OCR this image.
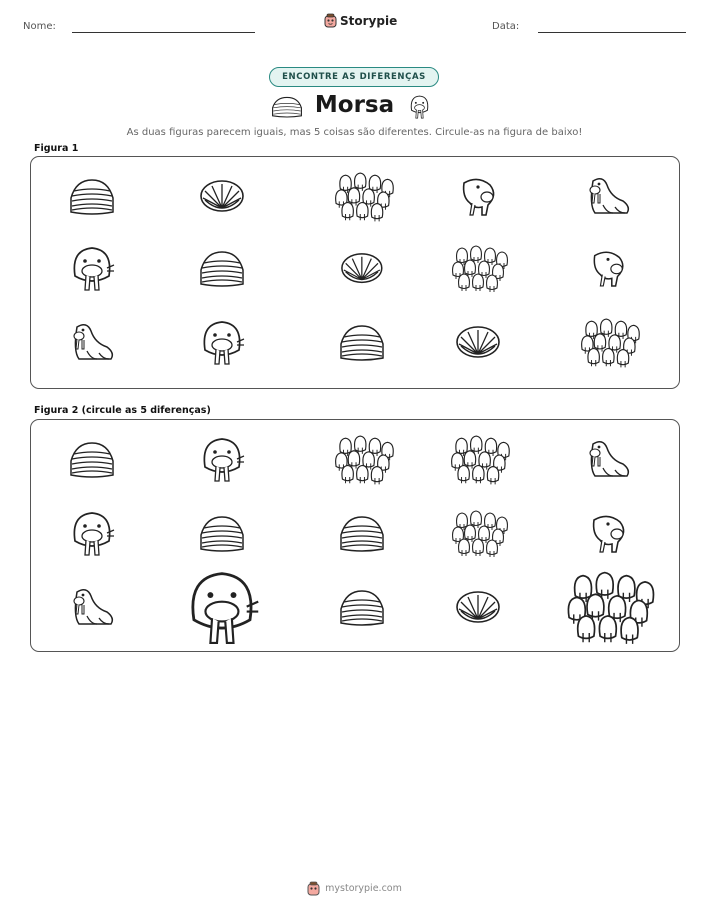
Nome:	Storypie	Data:
ENCONTRE AS DIFERENÇAS
Morsa
As duas figuras parecem iguais, mas 5 coisas são diferentes. Circule-as na figura de baixo!
Figura 1
Figura 2 (circule as 5 diferenças)
mystorypie.com
